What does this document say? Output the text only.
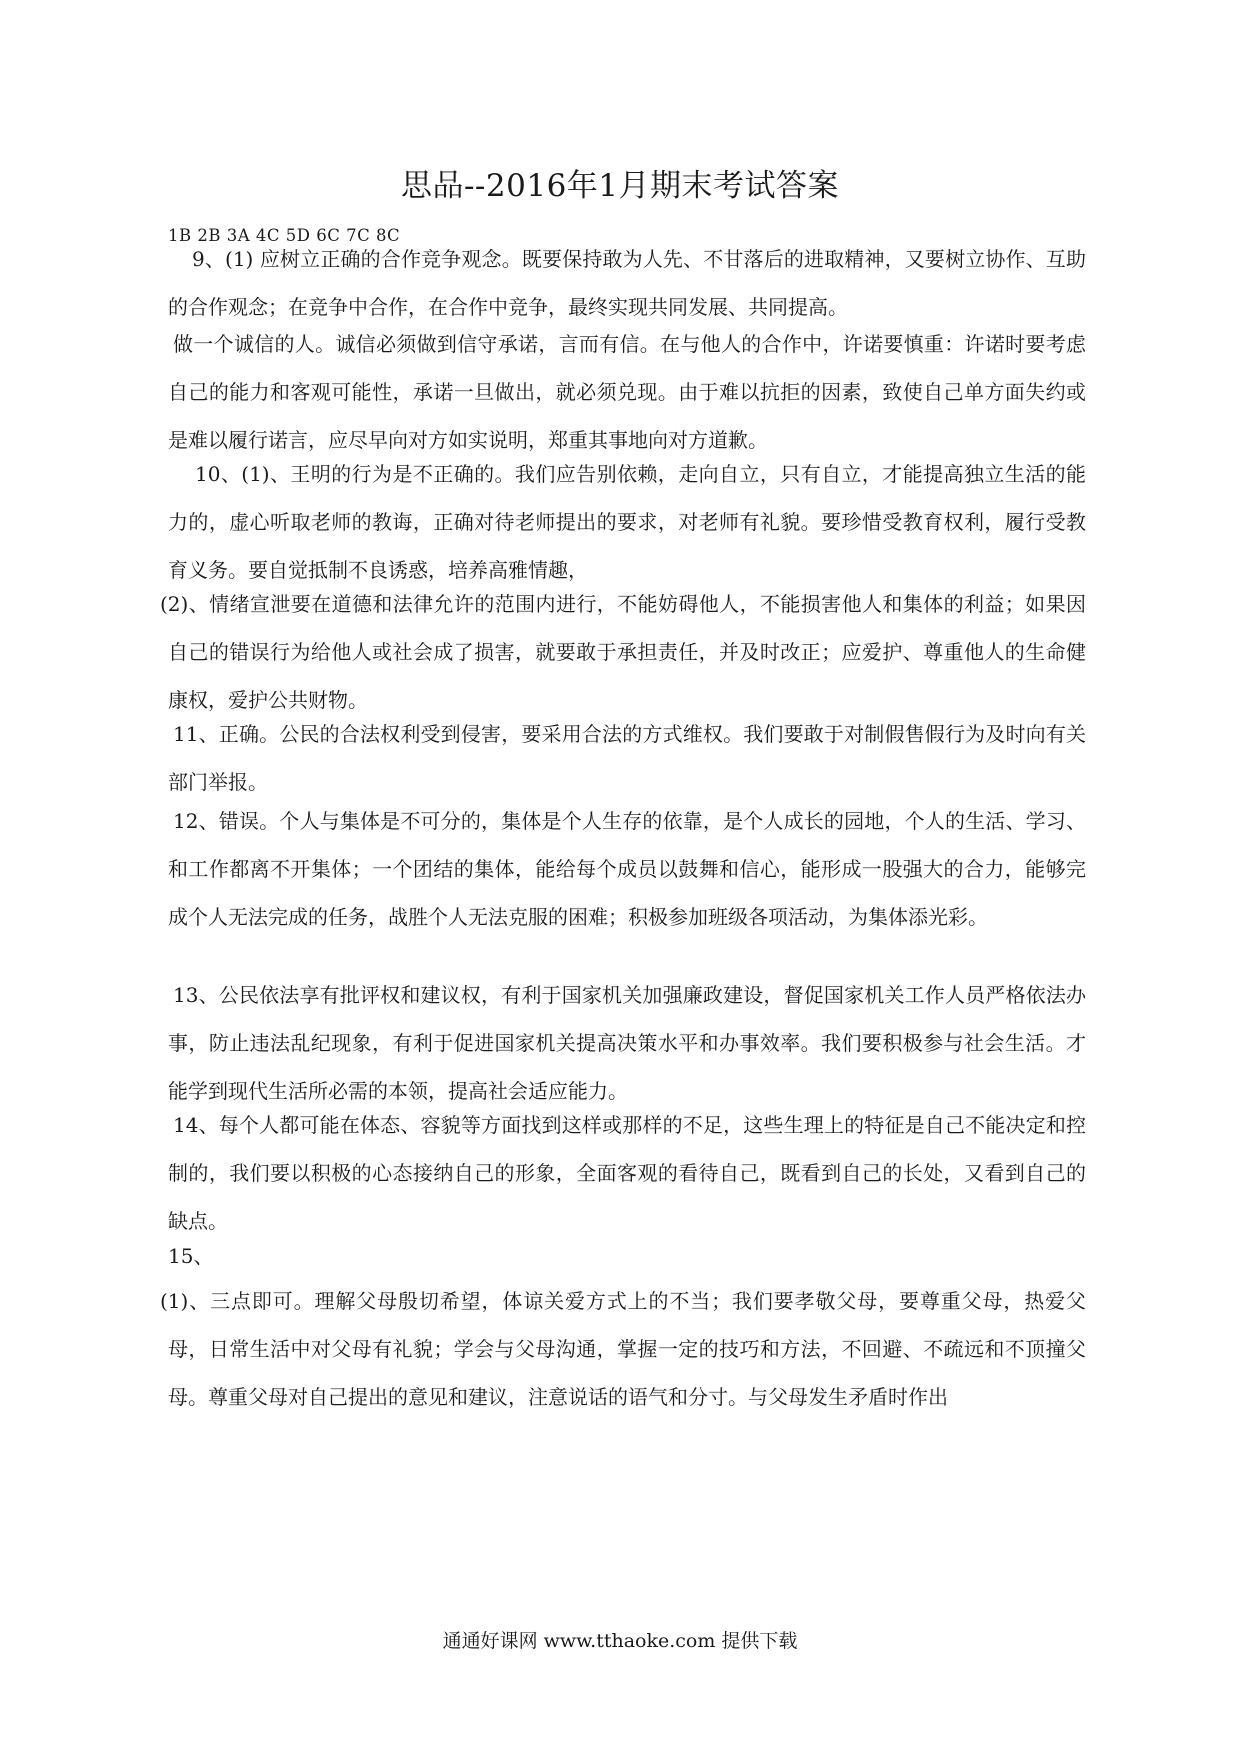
思品--2016年1月期末考试答案

1B 2B 3A 4C 5D 6C 7C 8C

9、(1) 应树立正确的合作竞争观念。既要保持敢为人先、不甘落后的进取精神，又要树立协作、互助的合作观念；在竞争中合作，在合作中竞争，最终实现共同发展、共同提高。

做一个诚信的人。诚信必须做到信守承诺，言而有信。在与他人的合作中，许诺要慎重：许诺时要考虑自己的能力和客观可能性，承诺一旦做出，就必须兑现。由于难以抗拒的因素，致使自己单方面失约或是难以履行诺言，应尽早向对方如实说明，郑重其事地向对方道歉。

10、(1)、王明的行为是不正确的。我们应告别依赖，走向自立，只有自立，才能提高独立生活的能力的，虚心听取老师的教诲，正确对待老师提出的要求，对老师有礼貌。要珍惜受教育权利，履行受教育义务。要自觉抵制不良诱惑，培养高雅情趣，

(2)、情绪宣泄要在道德和法律允许的范围内进行，不能妨碍他人，不能损害他人和集体的利益；如果因自己的错误行为给他人或社会成了损害，就要敢于承担责任，并及时改正；应爱护、尊重他人的生命健康权，爱护公共财物。

11、正确。公民的合法权利受到侵害，要采用合法的方式维权。我们要敢于对制假售假行为及时向有关部门举报。

12、错误。个人与集体是不可分的，集体是个人生存的依靠，是个人成长的园地，个人的生活、学习、和工作都离不开集体；一个团结的集体，能给每个成员以鼓舞和信心，能形成一股强大的合力，能够完成个人无法完成的任务，战胜个人无法克服的困难；积极参加班级各项活动，为集体添光彩。

13、公民依法享有批评权和建议权，有利于国家机关加强廉政建设，督促国家机关工作人员严格依法办事，防止违法乱纪现象，有利于促进国家机关提高决策水平和办事效率。我们要积极参与社会生活。才能学到现代生活所必需的本领，提高社会适应能力。

14、每个人都可能在体态、容貌等方面找到这样或那样的不足，这些生理上的特征是自己不能决定和控制的，我们要以积极的心态接纳自己的形象，全面客观的看待自己，既看到自己的长处，又看到自己的缺点。

15、

(1)、三点即可。理解父母殷切希望，体谅关爱方式上的不当；我们要孝敬父母，要尊重父母，热爱父母，日常生活中对父母有礼貌；学会与父母沟通，掌握一定的技巧和方法，不回避、不疏远和不顶撞父母。尊重父母对自己提出的意见和建议，注意说话的语气和分寸。与父母发生矛盾时作出

通通好课网 www.tthaoke.com 提供下载
